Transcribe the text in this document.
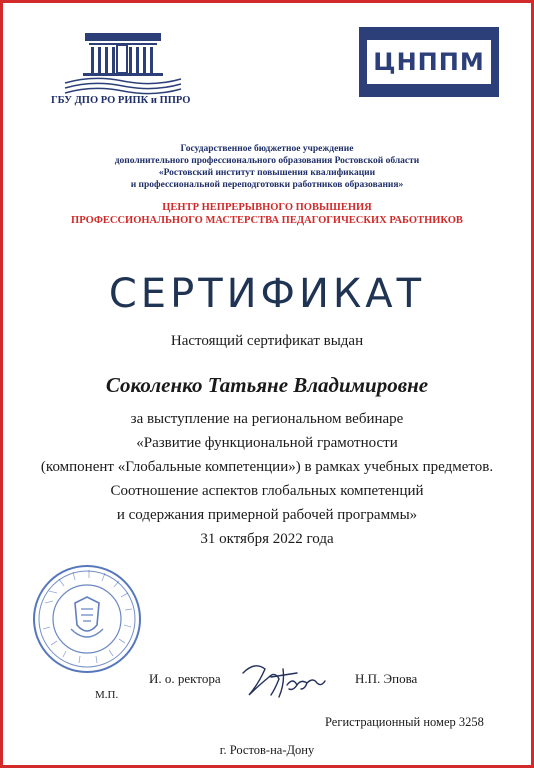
ГБУ ДПО РО РИПК и ППРО
ЦНППМ
Государственное бюджетное учреждение
дополнительного профессионального образования Ростовской области
«Ростовский институт повышения квалификации
и профессиональной переподготовки работников образования»
ЦЕНТР НЕПРЕРЫВНОГО ПОВЫШЕНИЯ
ПРОФЕССИОНАЛЬНОГО МАСТЕРСТВА ПЕДАГОГИЧЕСКИХ РАБОТНИКОВ
СЕРТИФИКАТ
Настоящий сертификат выдан
Соколенко Татьяне Владимировне
за выступление на региональном вебинаре
«Развитие функциональной грамотности
(компонент «Глобальные компетенции») в рамках учебных предметов.
Соотношение аспектов глобальных компетенций
и содержания примерной рабочей программы»
31 октября 2022 года
М.П.
И. о. ректора	Н.П. Эпова
Регистрационный номер 3258
г. Ростов-на-Дону
